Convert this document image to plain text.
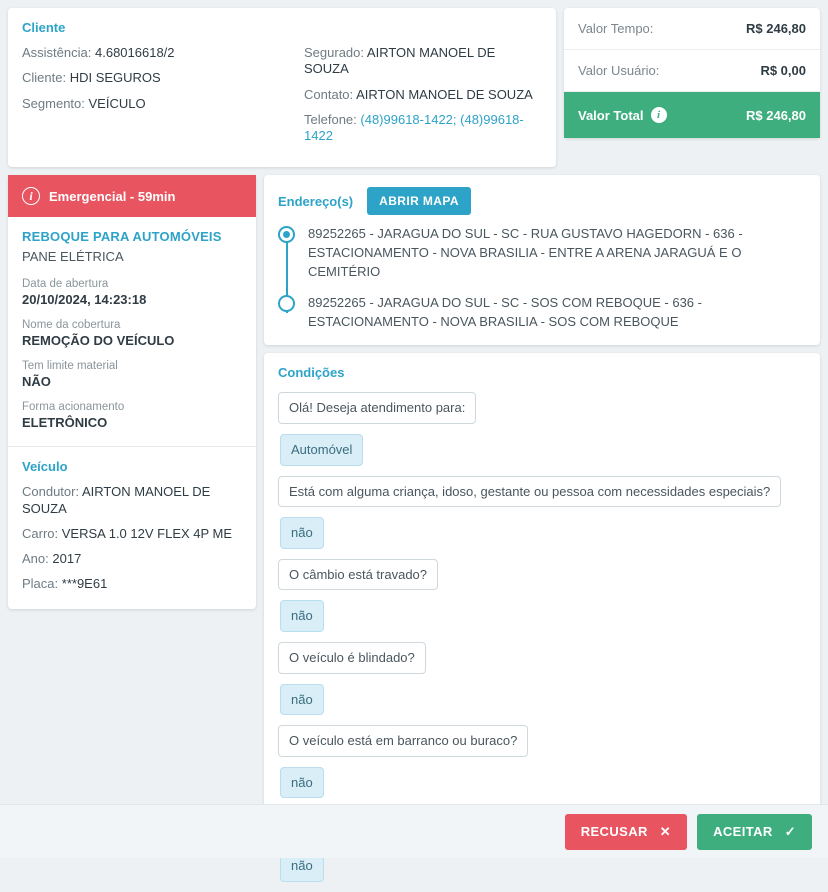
Cliente
Assistência: 4.68016618/2
Cliente: HDI SEGUROS
Segmento: VEÍCULO
Segurado: AIRTON MANOEL DE SOUZA
Contato: AIRTON MANOEL DE SOUZA
Telefone: (48)99618-1422; (48)99618-1422
Valor Tempo:	R$ 246,80
Valor Usuário:	R$ 0,00
Valor Total	i	R$ 246,80
i	Emergencial - 59min
REBOQUE PARA AUTOMÓVEIS
PANE ELÉTRICA
Data de abertura
20/10/2024, 14:23:18
Nome da cobertura
REMOÇÃO DO VEÍCULO
Tem limite material
NÃO
Forma acionamento
ELETRÔNICO
Veículo
Condutor: AIRTON MANOEL DE SOUZA
Carro: VERSA 1.0 12V FLEX 4P ME
Ano: 2017
Placa: ***9E61
Endereço(s)	ABRIR MAPA
89252265 - JARAGUA DO SUL - SC - RUA GUSTAVO HAGEDORN - 636 - ESTACIONAMENTO - NOVA BRASILIA - ENTRE A ARENA JARAGUÁ E O CEMITÉRIO
89252265 - JARAGUA DO SUL - SC - SOS COM REBOQUE - 636 - ESTACIONAMENTO - NOVA BRASILIA - SOS COM REBOQUE
Condições
Olá! Deseja atendimento para:
Automóvel
Está com alguma criança, idoso, gestante ou pessoa com necessidades especiais?
não
O câmbio está travado?
não
O veículo é blindado?
não
O veículo está em barranco ou buraco?
não
não
RECUSAR ✕	ACEITAR ✓
